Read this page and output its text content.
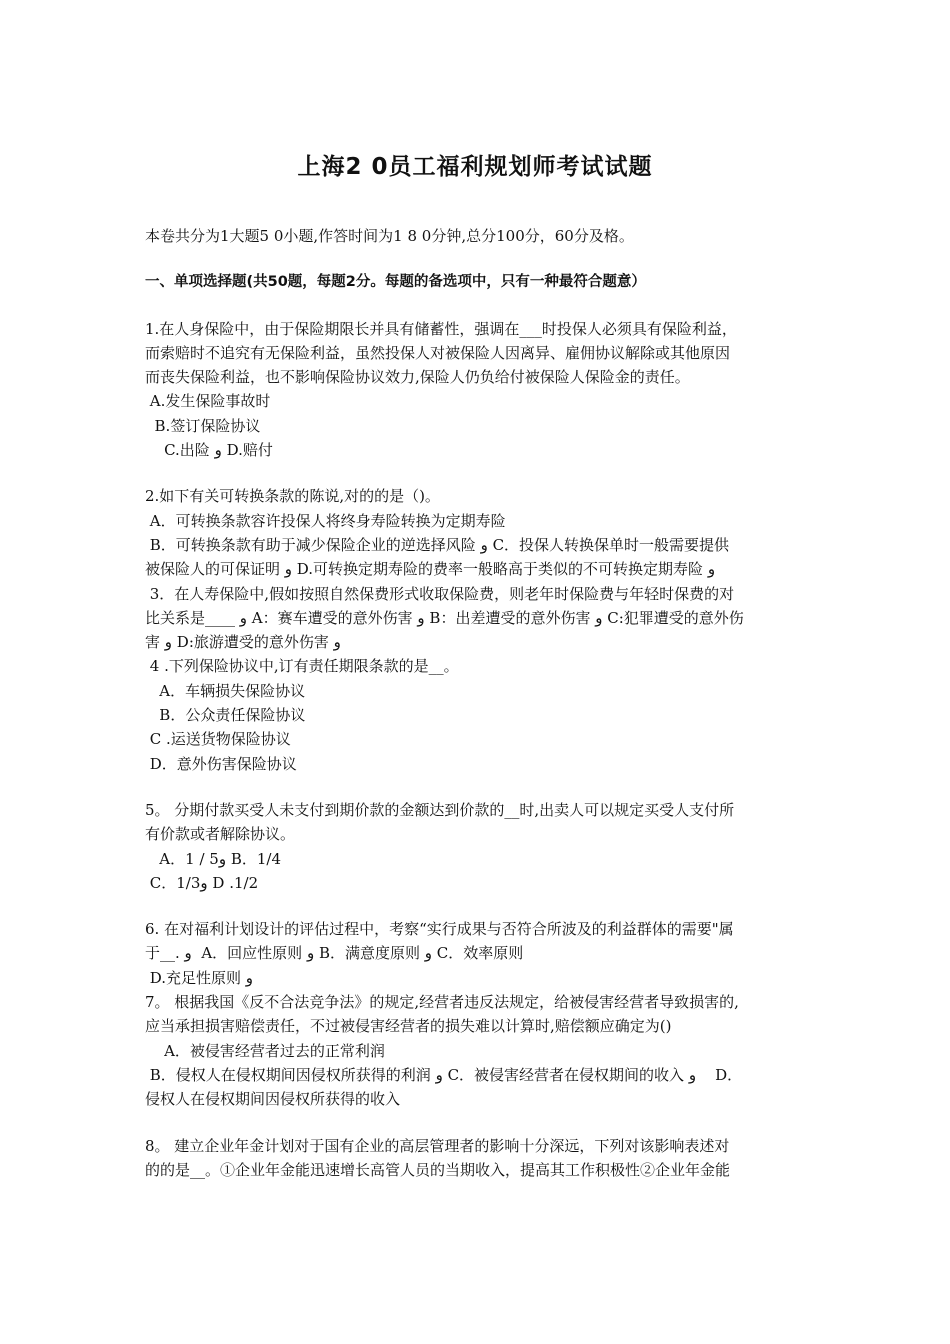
上海2 0员工福利规划师考试试题
本卷共分为1大题5 0小题,作答时间为1 8 0分钟,总分100分，60分及格。
一、单项选择题(共50题，每题2分。每题的备选项中，只有一种最符合题意）
1.在人身保险中，由于保险期限长并具有储蓄性，强调在___时投保人必须具有保险利益，
而索赔时不追究有无保险利益，虽然投保人对被保险人因离异、雇佣协议解除或其他原因
而丧失保险利益，也不影响保险协议效力,保险人仍负给付被保险人保险金的责任。
A.发生保险事故时
B.签订保险协议
C.出险 و D.赔付
2.如下有关可转换条款的陈说,对的的是（)。
A．可转换条款容许投保人将终身寿险转换为定期寿险
B．可转换条款有助于减少保险企业的逆选择风险 و C．投保人转换保单时一般需要提供
被保险人的可保证明 و D.可转换定期寿险的费率一般略高于类似的不可转换定期寿险 و
3．在人寿保险中,假如按照自然保费形式收取保险费，则老年时保险费与年轻时保费的对
比关系是____ و A：赛车遭受的意外伤害 و B：出差遭受的意外伤害 و C:犯罪遭受的意外伤
害 و D:旅游遭受的意外伤害 و
4 .下列保险协议中,订有责任期限条款的是__。
A．车辆损失保险协议
B．公众责任保险协议
C .运送货物保险协议
D．意外伤害保险协议
5。 分期付款买受人未支付到期价款的金额达到价款的__时,出卖人可以规定买受人支付所
有价款或者解除协议。
A．1 / 5و B．1/4
C．1/3و D .1/2
6. 在对福利计划设计的评估过程中，考察“实行成果与否符合所波及的利益群体的需要"属
于__. و  A．回应性原则 و B．满意度原则 و C．效率原则
D.充足性原则 و
7。 根据我国《反不合法竞争法》的规定,经营者违反法规定，给被侵害经营者导致损害的,
应当承担损害赔偿责任，不过被侵害经营者的损失难以计算时,赔偿额应确定为()
A．被侵害经营者过去的正常利润
B．侵权人在侵权期间因侵权所获得的利润 و C．被侵害经营者在侵权期间的收入 و    D．
侵权人在侵权期间因侵权所获得的收入
8。 建立企业年金计划对于国有企业的高层管理者的影响十分深远，下列对该影响表述对
的的是__。①企业年金能迅速增长高管人员的当期收入，提高其工作积极性②企业年金能
